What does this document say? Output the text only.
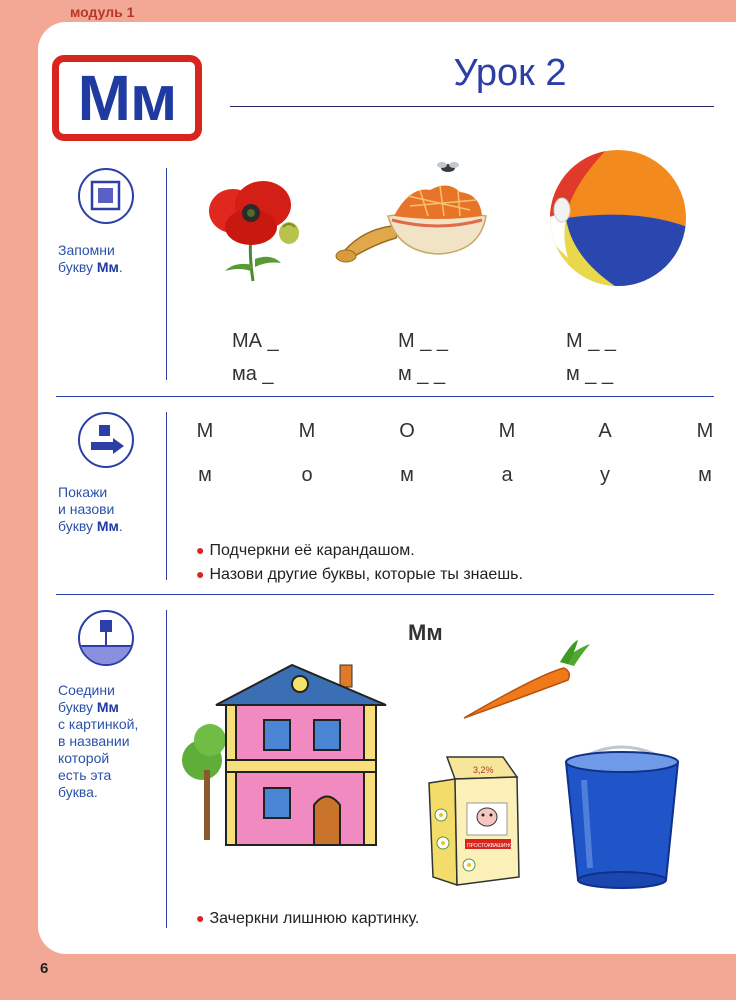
модуль 1
Мм	Урок 2
Запомни
букву Мм.
МА _	М _ _	М _ _
ма _	м _ _	м _ _
Покажи
и назови
букву Мм.
М	М	О	М	А	М
м	о	м	а	у	м
● Подчеркни её карандашом.
● Назови другие буквы, которые ты знаешь.
Соедини
букву Мм
с картинкой,
в названии
которой
есть эта
буква.
Мм
3,2%
ПРОСТОКВАШИНО
● Зачеркни лишнюю картинку.
6
